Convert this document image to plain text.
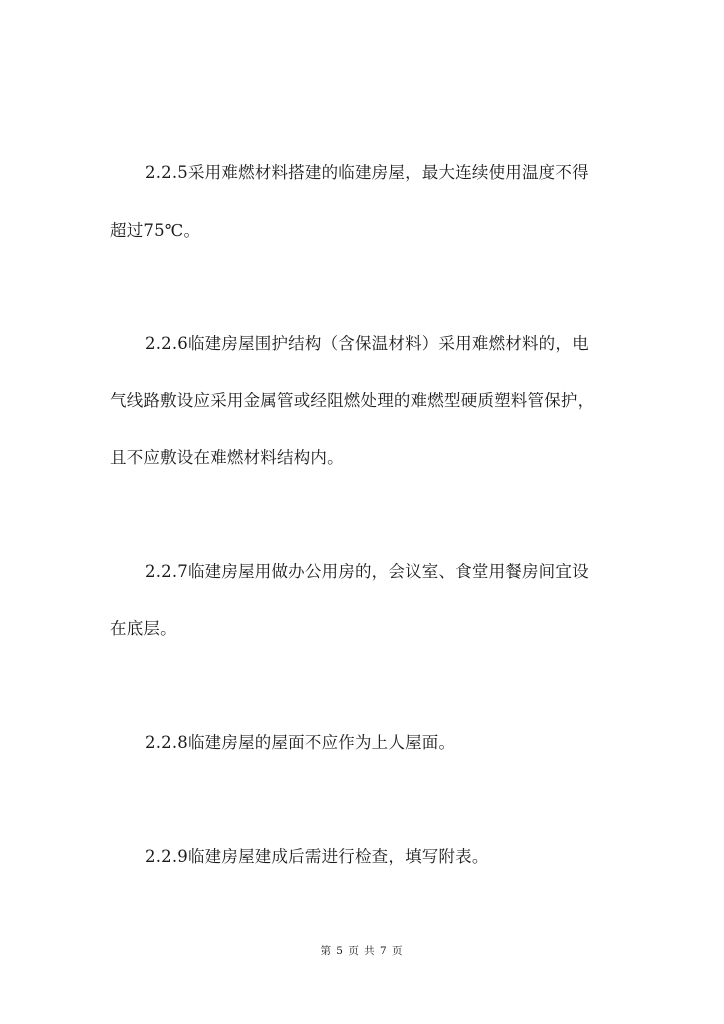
2.2.5采用难燃材料搭建的临建房屋，最大连续使用温度不得
超过75℃。
2.2.6临建房屋围护结构（含保温材料）采用难燃材料的，电
气线路敷设应采用金属管或经阻燃处理的难燃型硬质塑料管保护，
且不应敷设在难燃材料结构内。
2.2.7临建房屋用做办公用房的，会议室、食堂用餐房间宜设
在底层。
2.2.8临建房屋的屋面不应作为上人屋面。
2.2.9临建房屋建成后需进行检查，填写附表。
第 5 页 共 7 页
